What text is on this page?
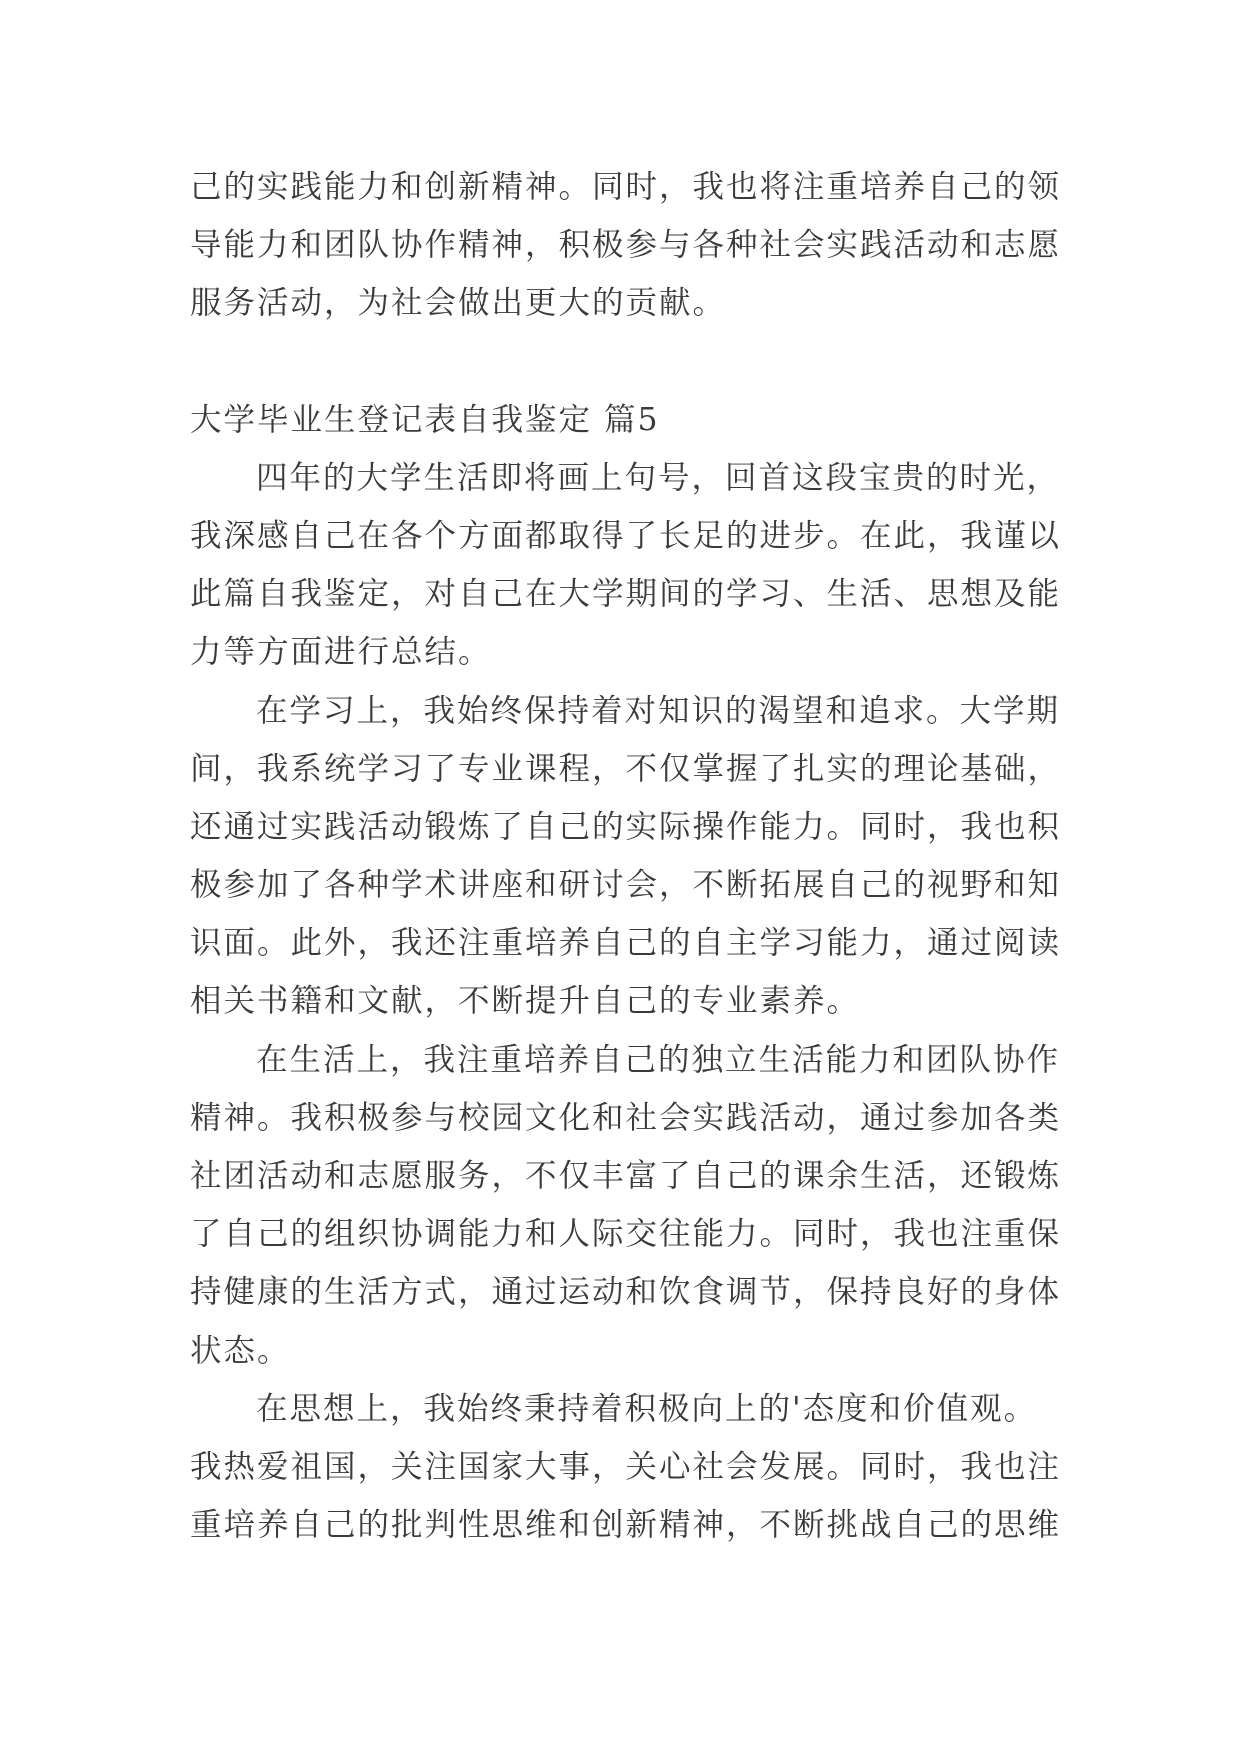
己的实践能力和创新精神。同时，我也将注重培养自己的领
导能力和团队协作精神，积极参与各种社会实践活动和志愿
服务活动，为社会做出更大的贡献。
大学毕业生登记表自我鉴定 篇5
四年的大学生活即将画上句号，回首这段宝贵的时光，
我深感自己在各个方面都取得了长足的进步。在此，我谨以
此篇自我鉴定，对自己在大学期间的学习、生活、思想及能
力等方面进行总结。
在学习上，我始终保持着对知识的渴望和追求。大学期
间，我系统学习了专业课程，不仅掌握了扎实的理论基础，
还通过实践活动锻炼了自己的实际操作能力。同时，我也积
极参加了各种学术讲座和研讨会，不断拓展自己的视野和知
识面。此外，我还注重培养自己的自主学习能力，通过阅读
相关书籍和文献，不断提升自己的专业素养。
在生活上，我注重培养自己的独立生活能力和团队协作
精神。我积极参与校园文化和社会实践活动，通过参加各类
社团活动和志愿服务，不仅丰富了自己的课余生活，还锻炼
了自己的组织协调能力和人际交往能力。同时，我也注重保
持健康的生活方式，通过运动和饮食调节，保持良好的身体
状态。
在思想上，我始终秉持着积极向上的'态度和价值观。
我热爱祖国，关注国家大事，关心社会发展。同时，我也注
重培养自己的批判性思维和创新精神，不断挑战自己的思维
